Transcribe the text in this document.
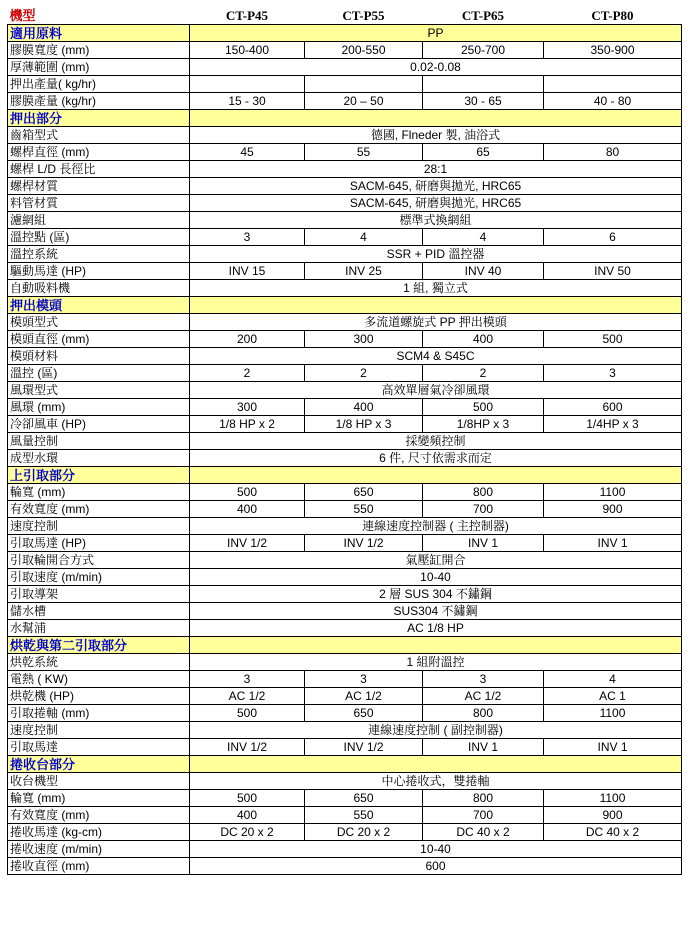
機型	CT-P45	CT-P55	CT-P65	CT-P80
適用原料	PP			
膠膜寬度 (mm)	150-400	200-550	250-700	350-900
厚薄範圍 (mm)	0.02-0.08			
押出產量( kg/hr)				
膠膜產量 (kg/hr)	15 - 30	20 – 50	30 - 65	40 - 80
押出部分				
齒箱型式	德國, Flneder 製, 油浴式			
螺桿直徑 (mm)	45	55	65	80
螺桿 L/D 長徑比	28:1			
螺桿材質	SACM-645, 研磨與拋光, HRC65			
料管材質	SACM-645, 研磨與拋光, HRC65			
濾網組	標準式換網組			
溫控點 (區)	3	4	4	6
溫控系統	SSR + PID 溫控器			
驅動馬達 (HP)	INV 15	INV 25	INV 40	INV 50
自動吸料機	1 組, 獨立式			
押出模頭				
模頭型式	多流道螺旋式 PP 押出模頭			
模頭直徑 (mm)	200	300	400	500
模頭材料	SCM4 & S45C			
溫控 (區)	2	2	2	3
風環型式	高效單層氣冷卻風環			
風環 (mm)	300	400	500	600
冷卻風車 (HP)	1/8 HP x 2	1/8 HP x 3	1/8HP x 3	1/4HP x 3
風量控制	採變頻控制			
成型水環	6 件, 尺寸依需求而定			
上引取部分				
輪寬 (mm)	500	650	800	1100
有效寬度 (mm)	400	550	700	900
速度控制	連線速度控制器 ( 主控制器)			
引取馬達 (HP)	INV 1/2	INV 1/2	INV 1	INV 1
引取輪開合方式	氣壓缸開合			
引取速度 (m/min)	10-40			
引取導架	2 層 SUS 304 不鏽鋼			
儲水槽	SUS304 不鏽鋼			
水幫浦	AC 1/8 HP			
烘乾與第二引取部分				
烘乾系統	1 組附溫控			
電熱 ( KW)	3	3	3	4
烘乾機 (HP)	AC 1/2	AC 1/2	AC 1/2	AC 1
引取捲軸 (mm)	500	650	800	1100
速度控制	連線速度控制 ( 副控制器)			
引取馬達	INV 1/2	INV 1/2	INV 1	INV 1
捲收台部分				
收台機型	中心捲收式，雙捲軸			
輪寬 (mm)	500	650	800	1100
有效寬度 (mm)	400	550	700	900
捲收馬達 (kg-cm)	DC 20 x 2	DC 20 x 2	DC 40 x 2	DC 40 x 2
捲收速度 (m/min)	10-40			
捲收直徑 (mm)	600			
